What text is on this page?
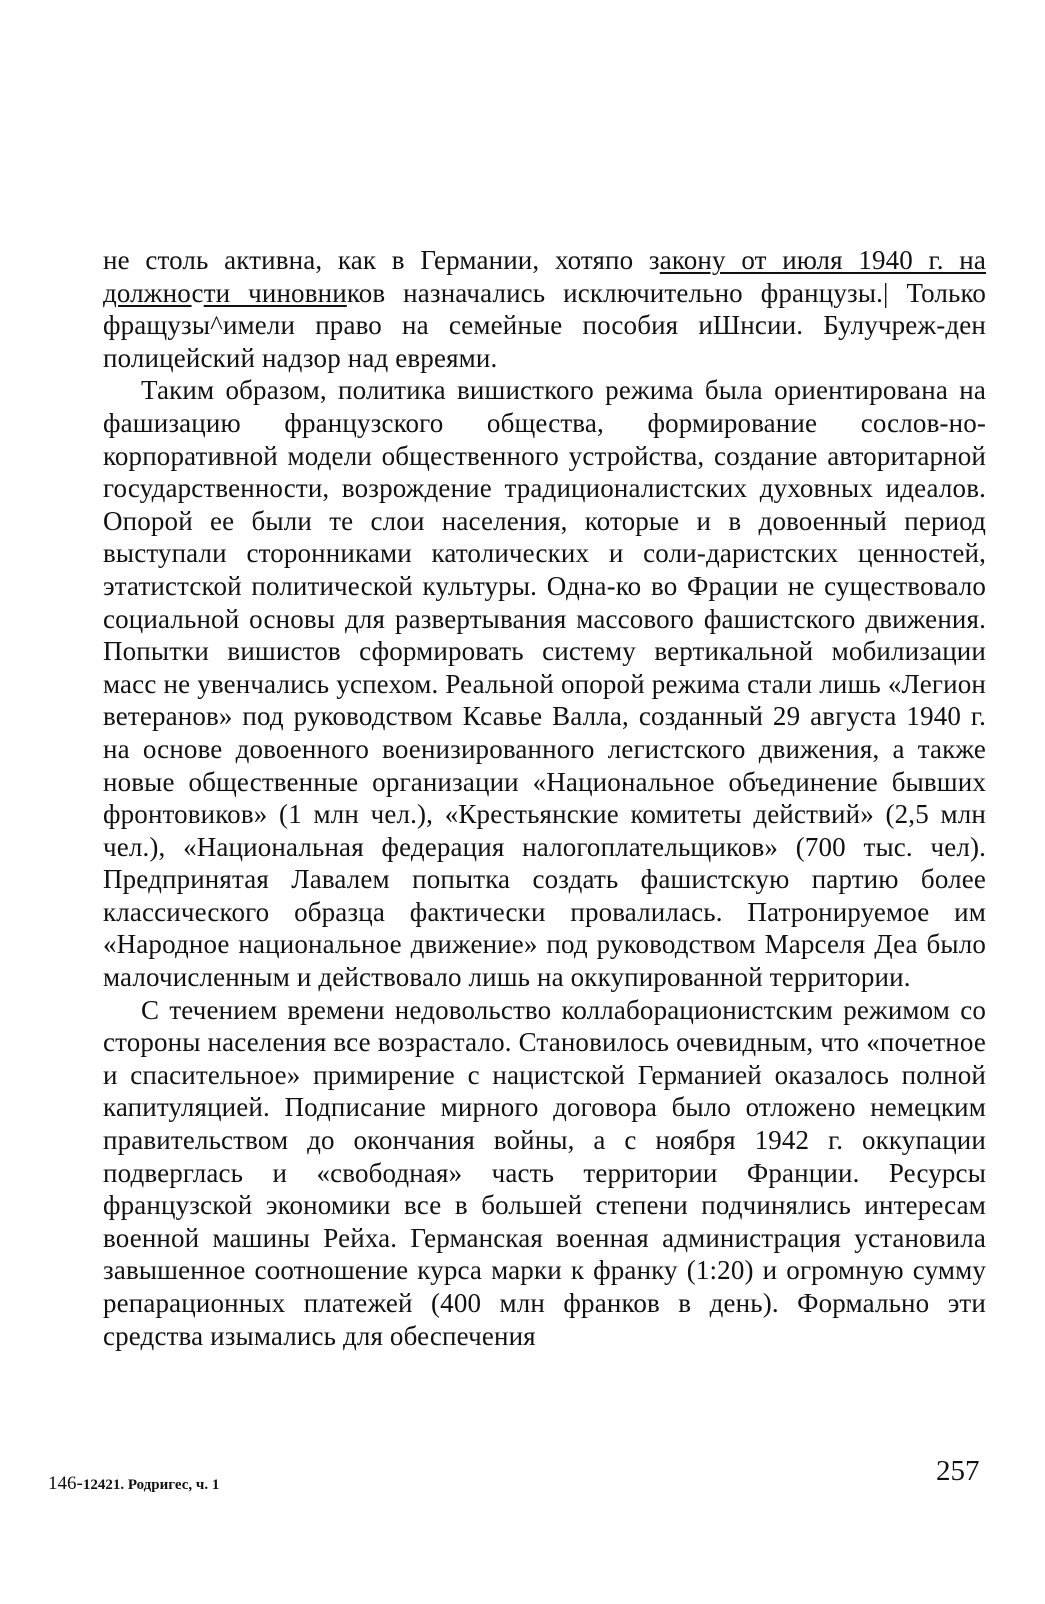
не столь активна, как в Германии, хотяпо закону от июля 1940 г. на должности чиновников назначались исключительно французы.| Только фращузы^имели право на семейные пособия иШнсии. Булучреж-ден полицейский надзор над евреями.

Таким образом, политика вишисткого режима была ориентирована на фашизацию французского общества, формирование сослов-но-корпоративной модели общественного устройства, создание авторитарной государственности, возрождение традиционалистских духовных идеалов. Опорой ее были те слои населения, которые и в довоенный период выступали сторонниками католических и соли-даристских ценностей, этатистской политической культуры. Одна-ко во Фрации не существовало социальной основы для развертывания массового фашистского движения. Попытки вишистов сформировать систему вертикальной мобилизации масс не увенчались успехом. Реальной опорой режима стали лишь «Легион ветеранов» под руководством Ксавье Валла, созданный 29 августа 1940 г. на основе довоенного военизированного легистского движения, а также новые общественные организации «Национальное объединение бывших фронтовиков» (1 млн чел.), «Крестьянские комитеты действий» (2,5 млн чел.), «Национальная федерация налогоплательщиков» (700 тыс. чел). Предпринятая Лавалем попытка создать фашистскую партию более классического образца фактически провалилась. Патронируемое им «Народное национальное движение» под руководством Марселя Деа было малочисленным и действовало лишь на оккупированной территории.

С течением времени недовольство коллаборационистским режимом со стороны населения все возрастало. Становилось очевидным, что «почетное и спасительное» примирение с нацистской Германией оказалось полной капитуляцией. Подписание мирного договора было отложено немецким правительством до окончания войны, а с ноября 1942 г. оккупации подверглась и «свободная» часть территории Франции. Ресурсы французской экономики все в большей степени подчинялись интересам военной машины Рейха. Германская военная администрация установила завышенное соотношение курса марки к франку (1:20) и огромную сумму репарационных платежей (400 млн франков в день). Формально эти средства изымались для обеспечения

146-12421. Родригес, ч. 1	257
